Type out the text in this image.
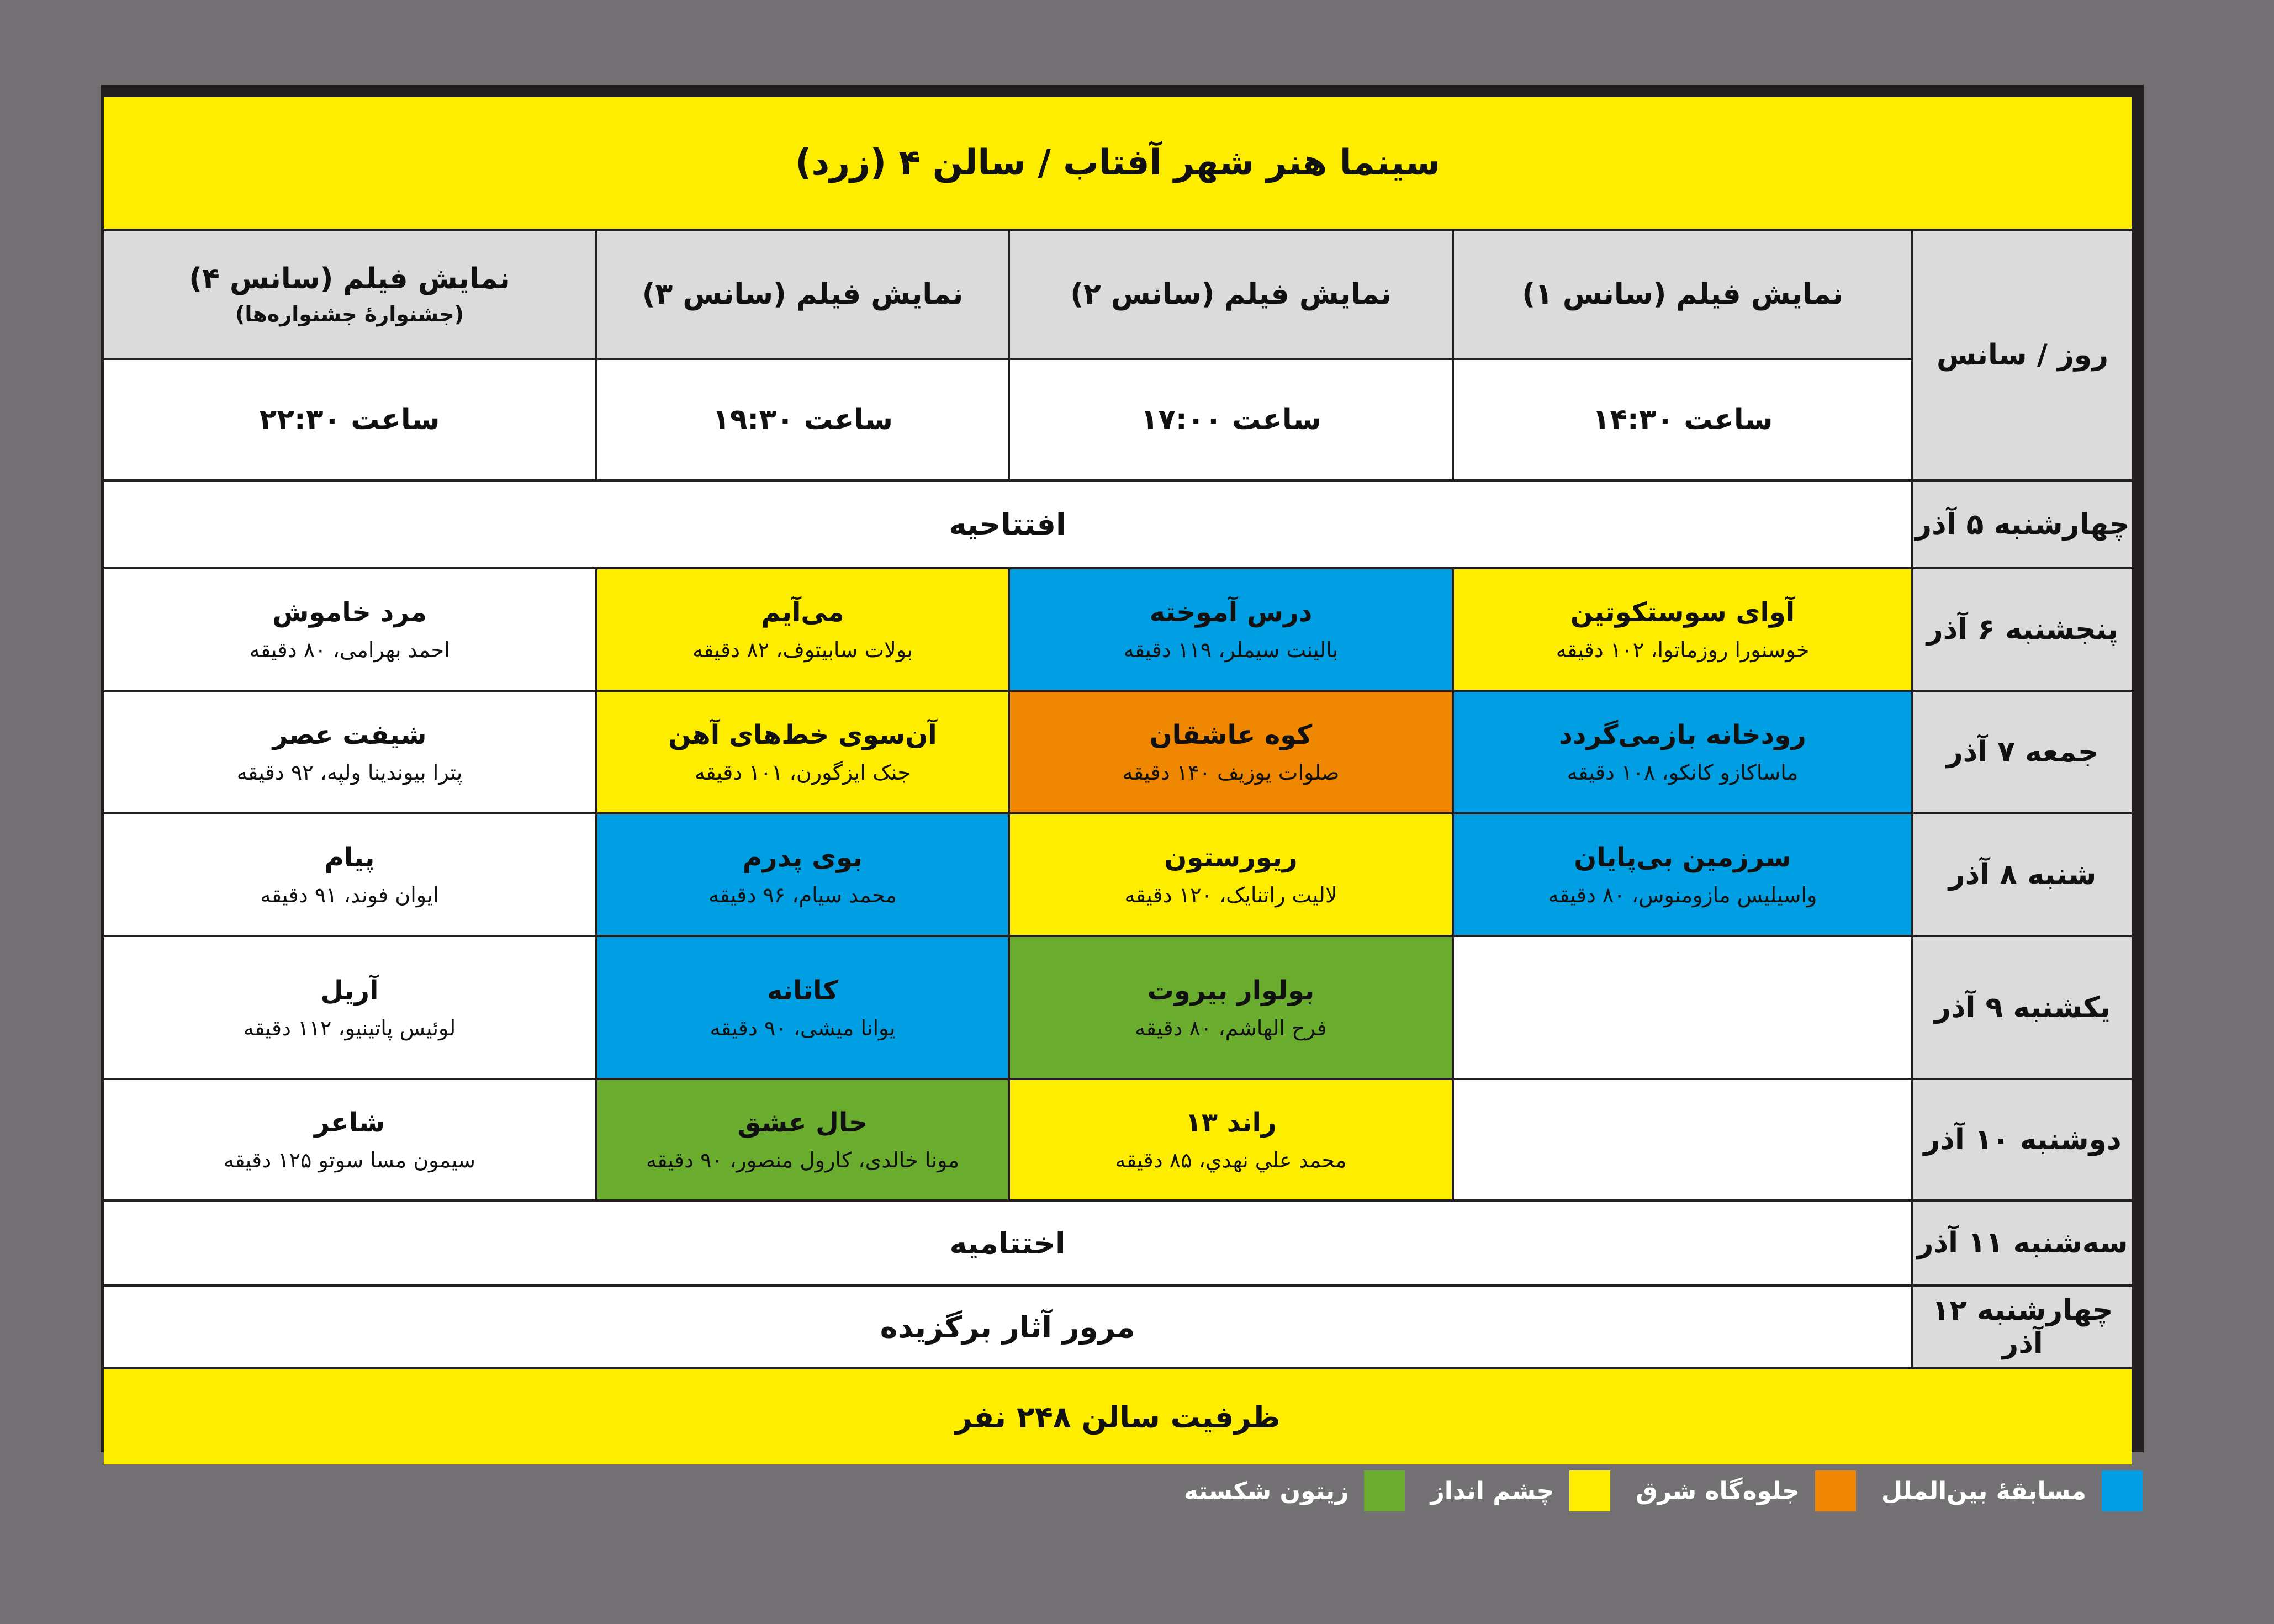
سینما هنر شهر آفتاب / سالن ۴ (زرد)
روز / سانس
نمایش فیلم (سانس ۱)
نمایش فیلم (سانس ۲)
نمایش فیلم (سانس ۳)
نمایش فیلم (سانس ۴)
(جشنوارهٔ جشنواره‌ها)
ساعت ۱۴:۳۰
ساعت ۱۷:۰۰
ساعت ۱۹:۳۰
ساعت ۲۲:۳۰
چهارشنبه ۵ آذر
افتتاحیه
پنجشنبه ۶ آذر
آوای سوستکوتین
خوسنورا روزماتوا، ۱۰۲ دقیقه
درس آموخته
بالینت سیملر، ۱۱۹ دقیقه
می‌آیم
بولات سابیتوف، ۸۲ دقیقه
مرد خاموش
احمد بهرامی، ۸۰ دقیقه
جمعه ۷ آذر
رودخانه بازمی‌گردد
ماساکازو کانکو، ۱۰۸ دقیقه
کوه عاشقان
صلوات یوزیف ۱۴۰ دقیقه
آن‌سوی خط‌های آهن
جنک ایزگورن، ۱۰۱ دقیقه
شیفت عصر
پترا بیوندینا ولپه، ۹۲ دقیقه
شنبه ۸ آذر
سرزمین بی‌پایان
واسیلیس مازومنوس، ۸۰ دقیقه
ریورستون
لالیت راتنایک، ۱۲۰ دقیقه
بوی پدرم
محمد سیام، ۹۶ دقیقه
پیام
ایوان فوند، ۹۱ دقیقه
یکشنبه ۹ آذر
بولوار بیروت
فرح الهاشم، ۸۰ دقیقه
کاتانه
یوانا میشی، ۹۰ دقیقه
آریل
لوئیس پاتینیو، ۱۱۲ دقیقه
دوشنبه ۱۰ آذر
راند ۱۳
محمد علي نهدي، ۸۵ دقیقه
حال عشق
مونا خالدی، کارول منصور، ۹۰ دقیقه
شاعر
سیمون مسا سوتو ۱۲۵ دقیقه
سه‌شنبه ۱۱ آذر
اختتامیه
چهارشنبه ۱۲ آذر
مرور آثار برگزیده
ظرفیت سالن ۲۴۸ نفر
مسابقهٔ بین‌الملل
جلوه‌گاه شرق
چشم انداز
زیتون شکسته
